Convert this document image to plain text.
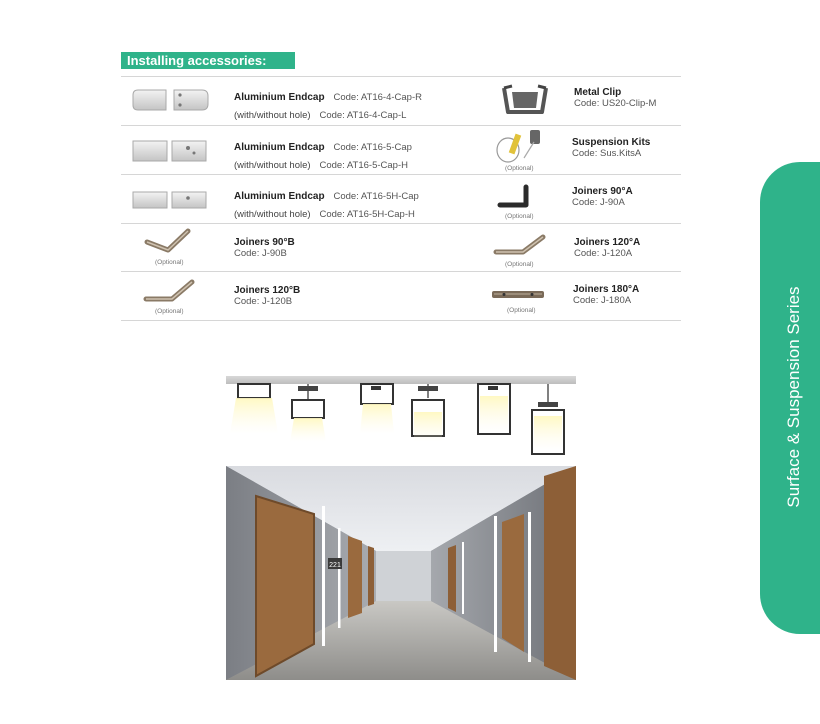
Installing accessories:
(Optional)
(Optional)
Aluminium Endcap Code: AT16-4-Cap-R
(with/without hole) Code: AT16-4-Cap-L
Aluminium Endcap Code: AT16-5-Cap
(with/without hole) Code: AT16-5-Cap-H
Aluminium Endcap Code: AT16-5H-Cap
(with/without hole) Code: AT16-5H-Cap-H
Joiners 90°B
Code: J-90B
Joiners 120°B
Code: J-120B
(Optional)
(Optional)
(Optional)
(Optional)
Metal Clip
Code: US20-Clip-M
Suspension Kits
Code: Sus.KitsA
Joiners 90°A
Code: J-90A
Joiners 120°A
Code: J-120A
Joiners 180°A
Code: J-180A
221
Surface & Suspension Series
